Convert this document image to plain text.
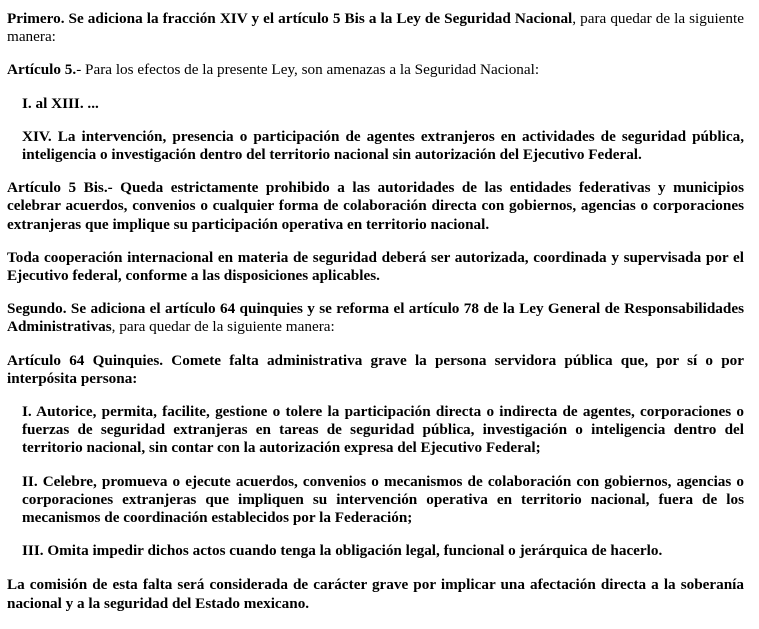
Primero. Se adiciona la fracción XIV y el artículo 5 Bis a la Ley de Seguridad Nacional, para quedar de la siguiente manera:

Artículo 5.- Para los efectos de la presente Ley, son amenazas a la Seguridad Nacional:

I. al XIII. ...

XIV. La intervención, presencia o participación de agentes extranjeros en actividades de seguridad pública, inteligencia o investigación dentro del territorio nacional sin autorización del Ejecutivo Federal.

Artículo 5 Bis.- Queda estrictamente prohibido a las autoridades de las entidades federativas y municipios celebrar acuerdos, convenios o cualquier forma de colaboración directa con gobiernos, agencias o corporaciones extranjeras que implique su participación operativa en territorio nacional.

Toda cooperación internacional en materia de seguridad deberá ser autorizada, coordinada y supervisada por el Ejecutivo federal, conforme a las disposiciones aplicables.

Segundo. Se adiciona el artículo 64 quinquies y se reforma el artículo 78 de la Ley General de Responsabilidades Administrativas, para quedar de la siguiente manera:

Artículo 64 Quinquies. Comete falta administrativa grave la persona servidora pública que, por sí o por interpósita persona:

I. Autorice, permita, facilite, gestione o tolere la participación directa o indirecta de agentes, corporaciones o fuerzas de seguridad extranjeras en tareas de seguridad pública, investigación o inteligencia dentro del territorio nacional, sin contar con la autorización expresa del Ejecutivo Federal;

II. Celebre, promueva o ejecute acuerdos, convenios o mecanismos de colaboración con gobiernos, agencias o corporaciones extranjeras que impliquen su intervención operativa en territorio nacional, fuera de los mecanismos de coordinación establecidos por la Federación;

III. Omita impedir dichos actos cuando tenga la obligación legal, funcional o jerárquica de hacerlo.

La comisión de esta falta será considerada de carácter grave por implicar una afectación directa a la soberanía nacional y a la seguridad del Estado mexicano.
